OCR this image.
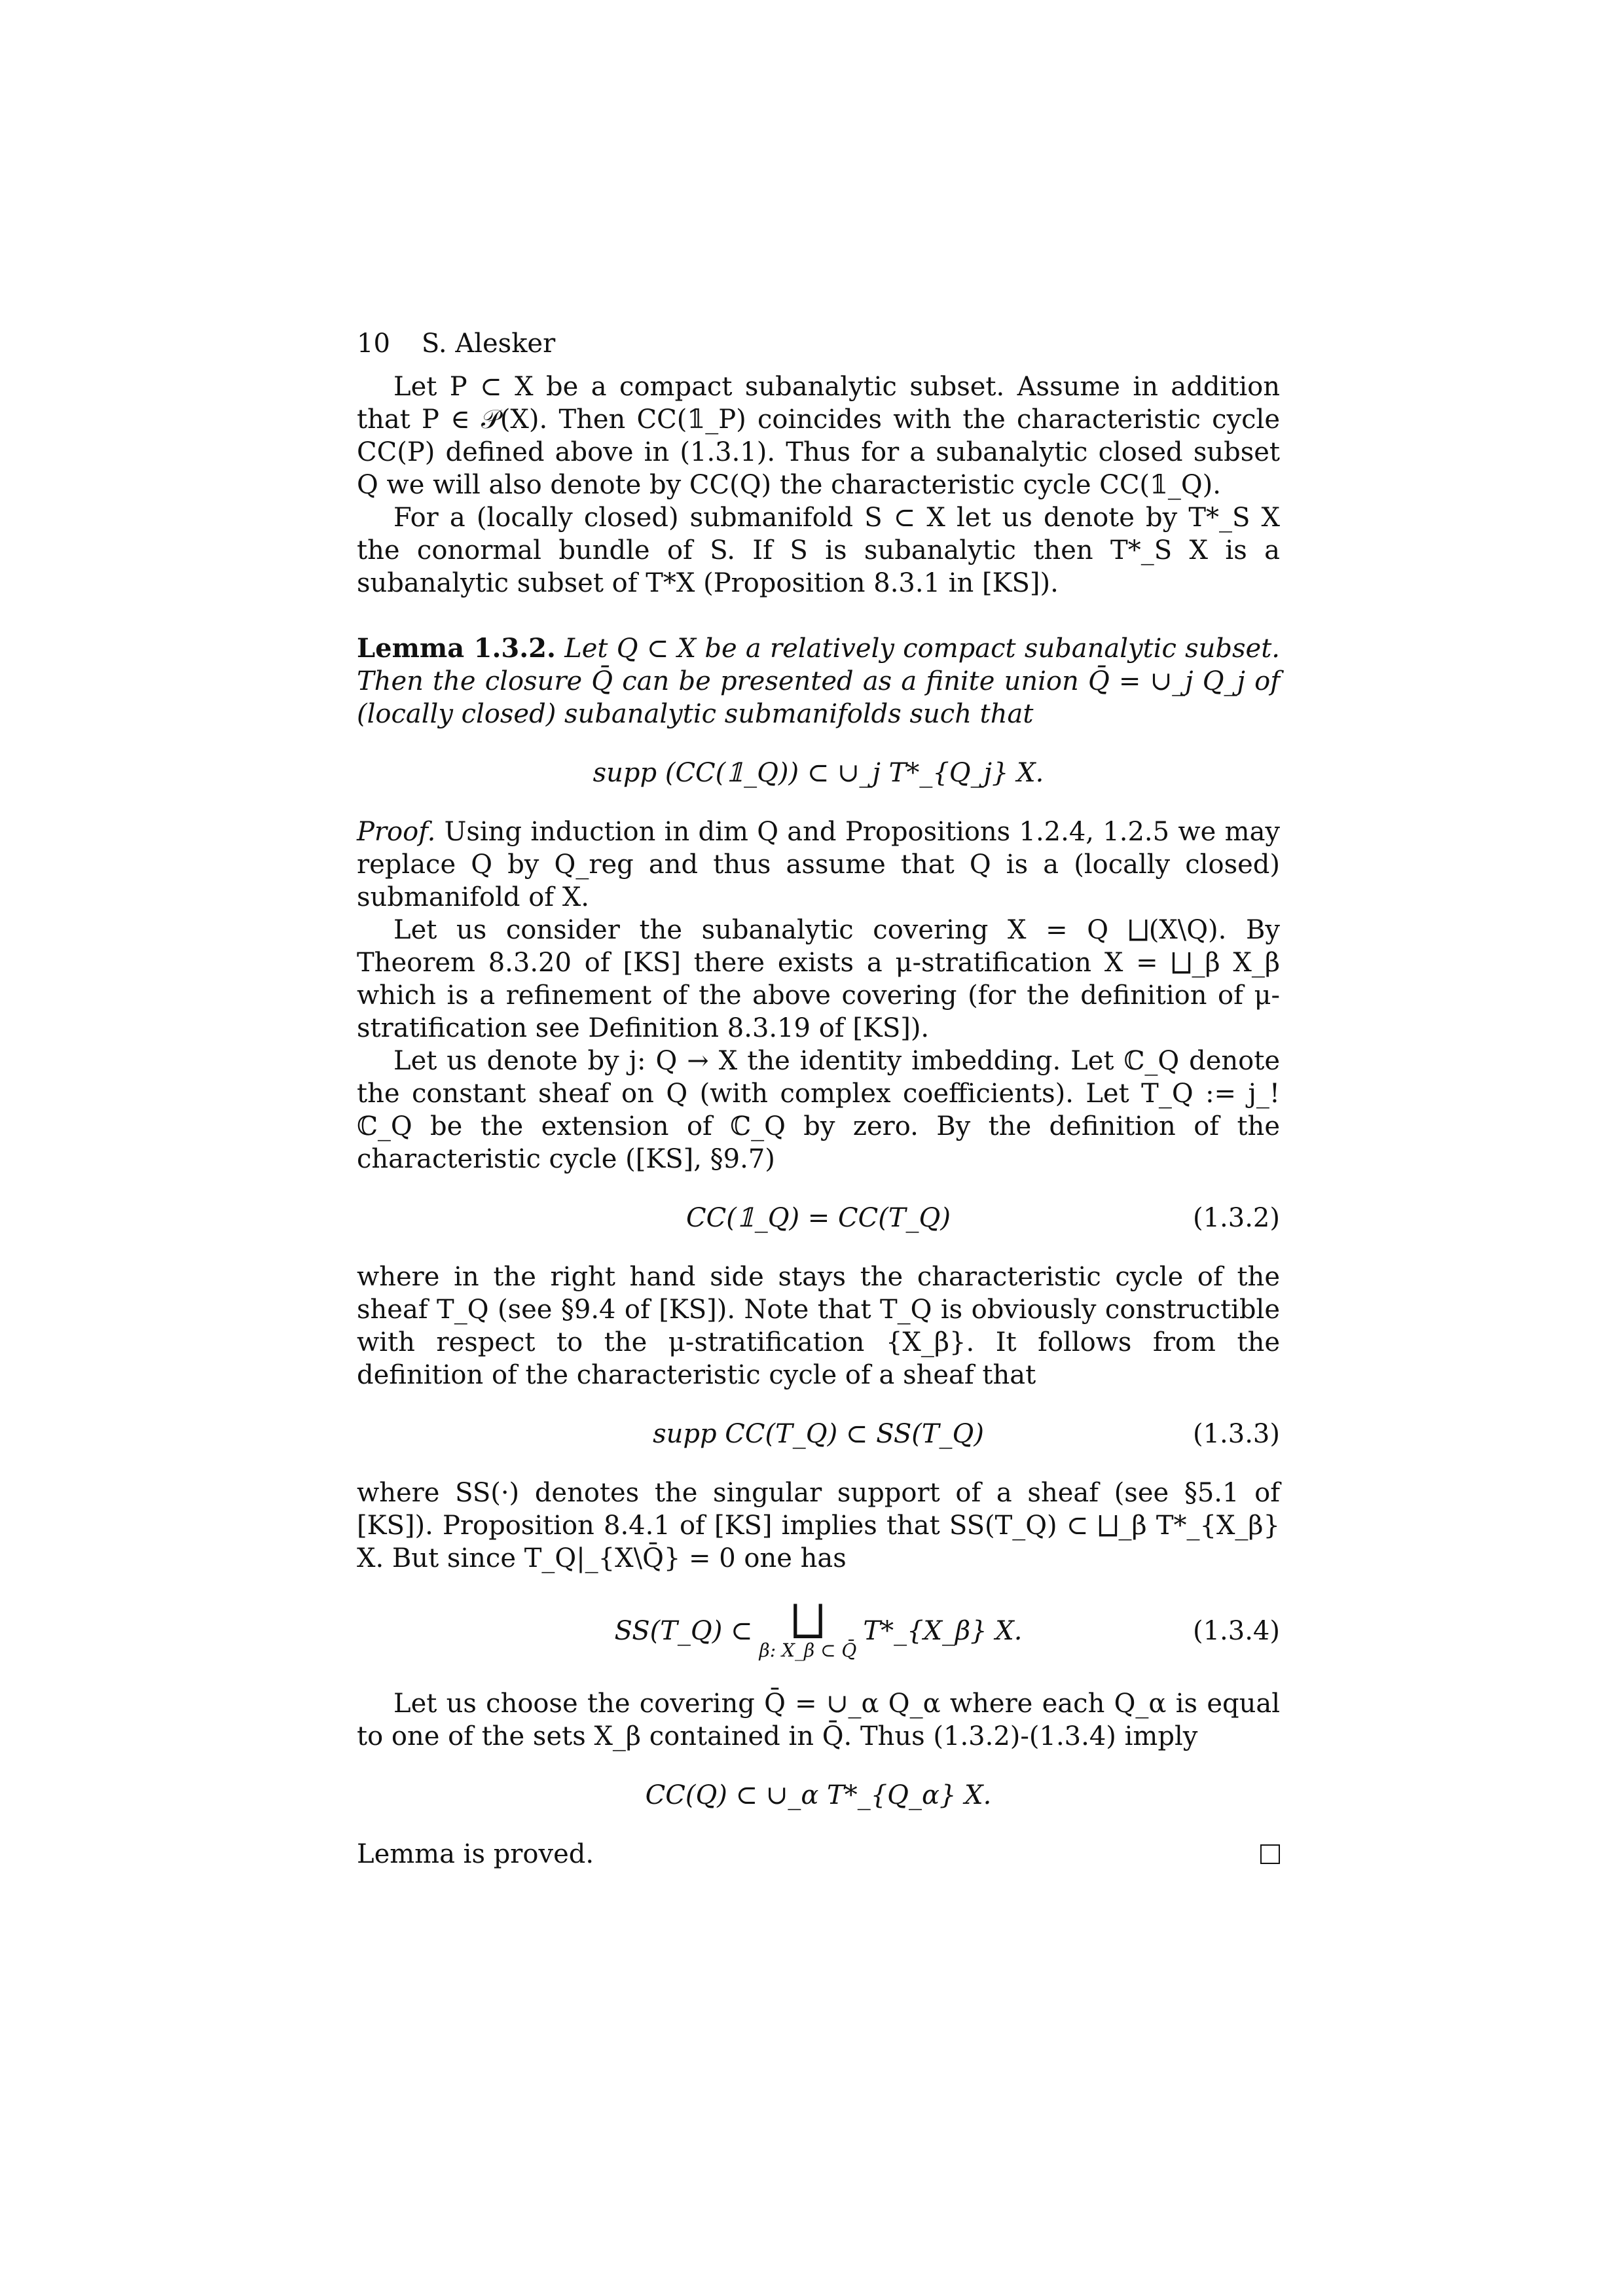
10 S. Alesker

Let P ⊂ X be a compact subanalytic subset. Assume in addition that P ∈ 𝒫(X). Then CC(𝟙_P) coincides with the characteristic cycle CC(P) defined above in (1.3.1). Thus for a subanalytic closed subset Q we will also denote by CC(Q) the characteristic cycle CC(𝟙_Q).

For a (locally closed) submanifold S ⊂ X let us denote by T*_S X the conormal bundle of S. If S is subanalytic then T*_S X is a subanalytic subset of T*X (Proposition 8.3.1 in [KS]).

Lemma 1.3.2. Let Q ⊂ X be a relatively compact subanalytic subset. Then the closure Q̄ can be presented as a finite union Q̄ = ∪_j Q_j of (locally closed) subanalytic submanifolds such that

supp (CC(𝟙_Q)) ⊂ ∪_j T*_{Q_j} X.

Proof. Using induction in dim Q and Propositions 1.2.4, 1.2.5 we may replace Q by Q_reg and thus assume that Q is a (locally closed) submanifold of X.

Let us consider the subanalytic covering X = Q ⨆(X\Q). By Theorem 8.3.20 of [KS] there exists a μ-stratification X = ⨆_β X_β which is a refinement of the above covering (for the definition of μ-stratification see Definition 8.3.19 of [KS]).

Let us denote by j: Q → X the identity imbedding. Let ℂ_Q denote the constant sheaf on Q (with complex coefficients). Let T_Q := j_!ℂ_Q be the extension of ℂ_Q by zero. By the definition of the characteristic cycle ([KS], §9.7)

CC(𝟙_Q) = CC(T_Q)	(1.3.2)

where in the right hand side stays the characteristic cycle of the sheaf T_Q (see §9.4 of [KS]). Note that T_Q is obviously constructible with respect to the μ-stratification {X_β}. It follows from the definition of the characteristic cycle of a sheaf that

supp CC(T_Q) ⊂ SS(T_Q)	(1.3.3)

where SS(·) denotes the singular support of a sheaf (see §5.1 of [KS]). Proposition 8.4.1 of [KS] implies that SS(T_Q) ⊂ ⨆_β T*_{X_β} X. But since T_Q|_{X\Q̄} = 0 one has

SS(T_Q) ⊂ ⨆
β: X_β ⊂ Q̄
T*_{X_β} X.	(1.3.4)

Let us choose the covering Q̄ = ∪_α Q_α where each Q_α is equal to one of the sets X_β contained in Q̄. Thus (1.3.2)-(1.3.4) imply

CC(Q) ⊂ ∪_α T*_{Q_α} X.
Lemma is proved.
